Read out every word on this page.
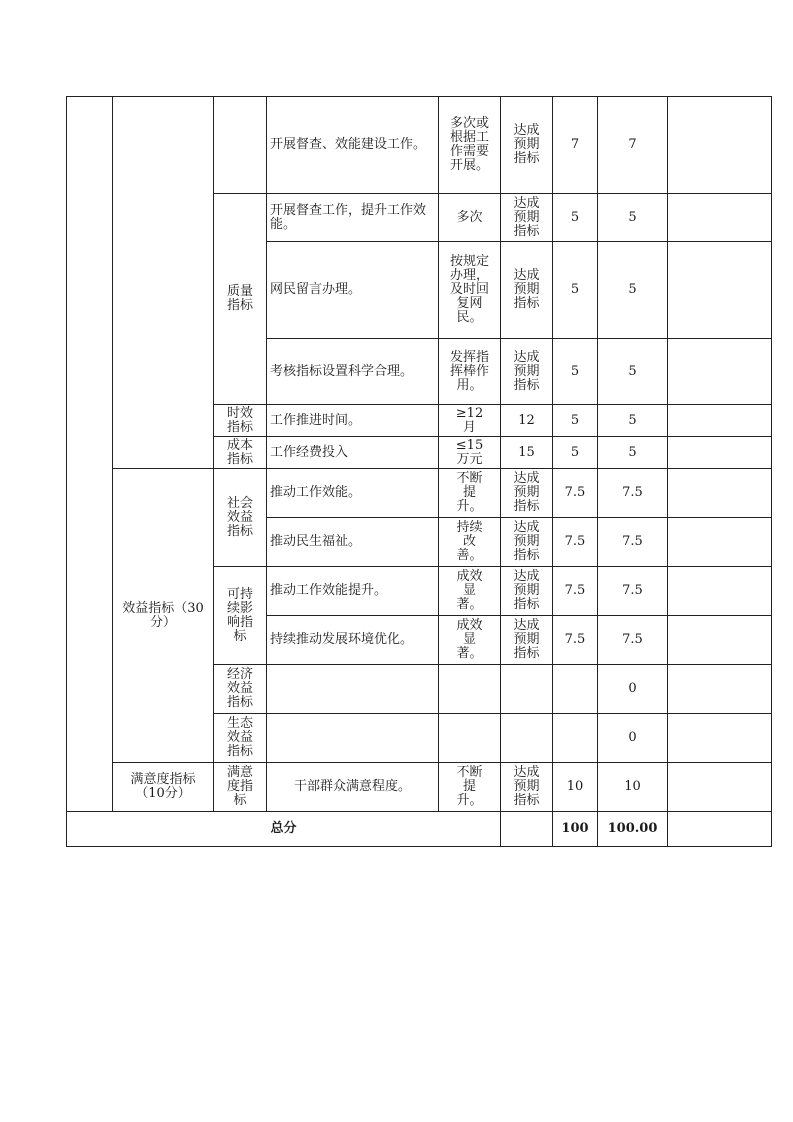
			开展督查、效能建设工作。	多次或根据工作需要开展。	达成预期指标	7	7	
		质量指标	开展督查工作，提升工作效能。	多次	达成预期指标	5	5	
			网民留言办理。	按规定办理，及时回复网民。	达成预期指标	5	5	
			考核指标设置科学合理。	发挥指挥棒作用。	达成预期指标	5	5	
		时效指标	工作推进时间。	≥12月	12	5	5	
		成本指标	工作经费投入	≤15万元	15	5	5	
	效益指标（30分）	社会效益指标	推动工作效能。	不断提升。	达成预期指标	7.5	7.5	
			推动民生福祉。	持续改善。	达成预期指标	7.5	7.5	
		可持续影响指标	推动工作效能提升。	成效显著。	达成预期指标	7.5	7.5	
			持续推动发展环境优化。	成效显著。	达成预期指标	7.5	7.5	
		经济效益指标					0	
		生态效益指标					0	
	满意度指标（10分）	满意度指标	干部群众满意程度。	不断提升。	达成预期指标	10	10	
总分						100	100.00	
